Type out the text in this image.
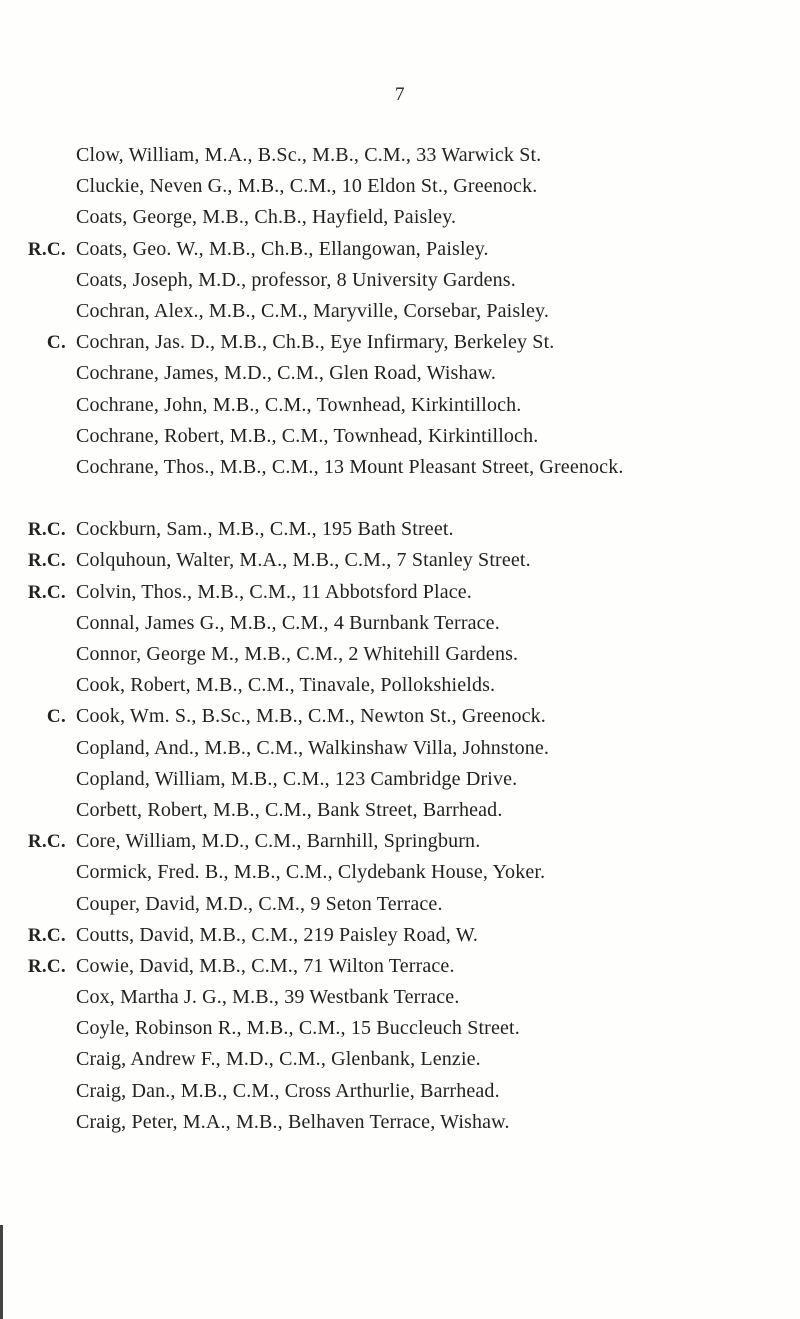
7
Clow, William, M.A., B.Sc., M.B., C.M., 33 Warwick St.
Cluckie, Neven G., M.B., C.M., 10 Eldon St., Greenock.
Coats, George, M.B., Ch.B., Hayfield, Paisley.
R.C. Coats, Geo. W., M.B., Ch.B., Ellangowan, Paisley.
Coats, Joseph, M.D., professor, 8 University Gardens.
Cochran, Alex., M.B., C.M., Maryville, Corsebar, Paisley.
C. Cochran, Jas. D., M.B., Ch.B., Eye Infirmary, Berkeley St.
Cochrane, James, M.D., C.M., Glen Road, Wishaw.
Cochrane, John, M.B., C.M., Townhead, Kirkintilloch.
Cochrane, Robert, M.B., C.M., Townhead, Kirkintilloch.
Cochrane, Thos., M.B., C.M., 13 Mount Pleasant Street, Greenock.
R.C. Cockburn, Sam., M.B., C.M., 195 Bath Street.
R.C. Colquhoun, Walter, M.A., M.B., C.M., 7 Stanley Street.
R.C. Colvin, Thos., M.B., C.M., 11 Abbotsford Place.
Connal, James G., M.B., C.M., 4 Burnbank Terrace.
Connor, George M., M.B., C.M., 2 Whitehill Gardens.
Cook, Robert, M.B., C.M., Tinavale, Pollokshields.
C. Cook, Wm. S., B.Sc., M.B., C.M., Newton St., Greenock.
Copland, And., M.B., C.M., Walkinshaw Villa, Johnstone.
Copland, William, M.B., C.M., 123 Cambridge Drive.
Corbett, Robert, M.B., C.M., Bank Street, Barrhead.
R.C. Core, William, M.D., C.M., Barnhill, Springburn.
Cormick, Fred. B., M.B., C.M., Clydebank House, Yoker.
Couper, David, M.D., C.M., 9 Seton Terrace.
R.C. Coutts, David, M.B., C.M., 219 Paisley Road, W.
R.C. Cowie, David, M.B., C.M., 71 Wilton Terrace.
Cox, Martha J. G., M.B., 39 Westbank Terrace.
Coyle, Robinson R., M.B., C.M., 15 Buccleuch Street.
Craig, Andrew F., M.D., C.M., Glenbank, Lenzie.
Craig, Dan., M.B., C.M., Cross Arthurlie, Barrhead.
Craig, Peter, M.A., M.B., Belhaven Terrace, Wishaw.
